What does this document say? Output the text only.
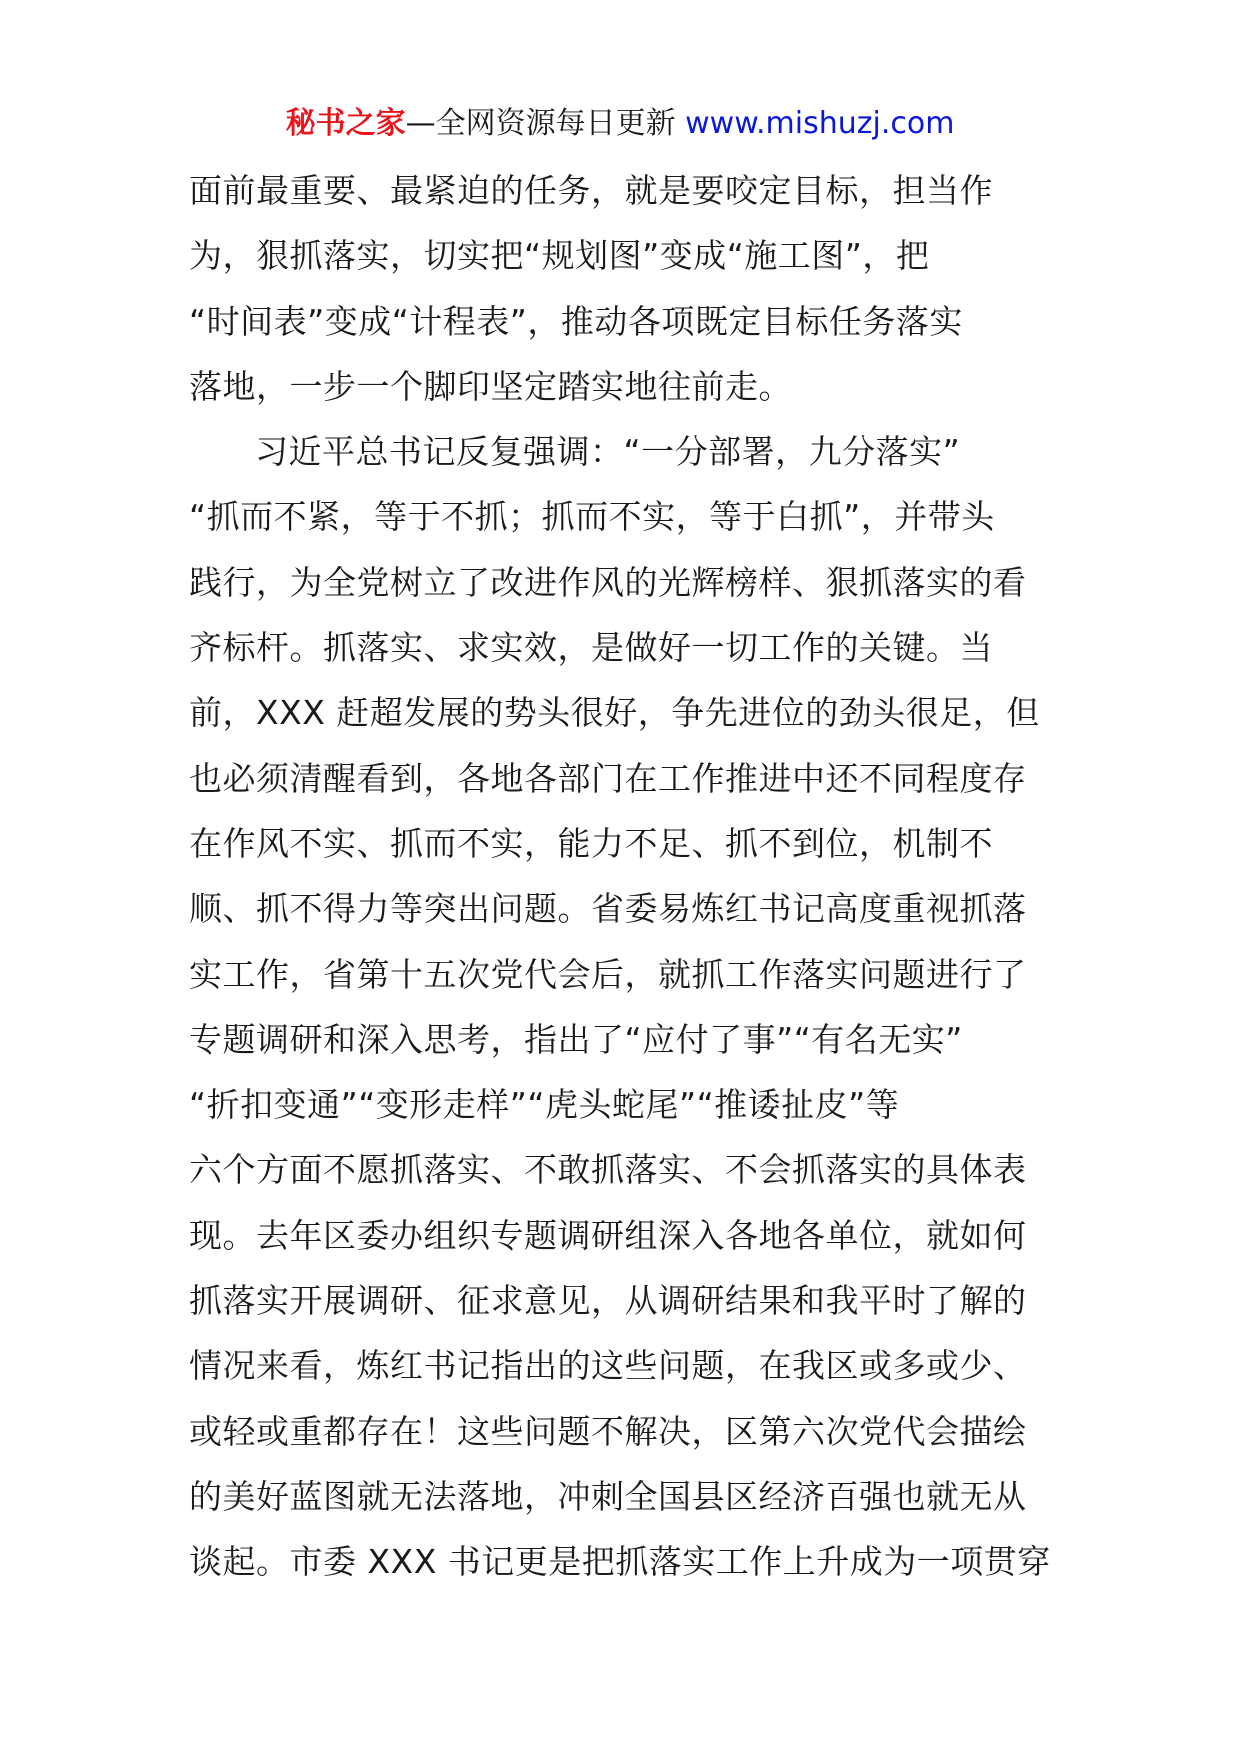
秘书之家—全网资源每日更新 www.mishuzj.com
面前最重要、最紧迫的任务，就是要咬定目标，担当作
为，狠抓落实，切实把“规划图”变成“施工图”，把
“时间表”变成“计程表”，推动各项既定目标任务落实
落地，一步一个脚印坚定踏实地往前走。
习近平总书记反复强调：“一分部署，九分落实”
“抓而不紧，等于不抓；抓而不实，等于白抓”，并带头
践行，为全党树立了改进作风的光辉榜样、狠抓落实的看
齐标杆。抓落实、求实效，是做好一切工作的关键。当
前，XXX 赶超发展的势头很好，争先进位的劲头很足，但
也必须清醒看到，各地各部门在工作推进中还不同程度存
在作风不实、抓而不实，能力不足、抓不到位，机制不
顺、抓不得力等突出问题。省委易炼红书记高度重视抓落
实工作，省第十五次党代会后，就抓工作落实问题进行了
专题调研和深入思考，指出了“应付了事”“有名无实”
“折扣变通”“变形走样”“虎头蛇尾”“推诿扯皮”等
六个方面不愿抓落实、不敢抓落实、不会抓落实的具体表
现。去年区委办组织专题调研组深入各地各单位，就如何
抓落实开展调研、征求意见，从调研结果和我平时了解的
情况来看，炼红书记指出的这些问题，在我区或多或少、
或轻或重都存在！这些问题不解决，区第六次党代会描绘
的美好蓝图就无法落地，冲刺全国县区经济百强也就无从
谈起。市委 XXX 书记更是把抓落实工作上升成为一项贯穿
